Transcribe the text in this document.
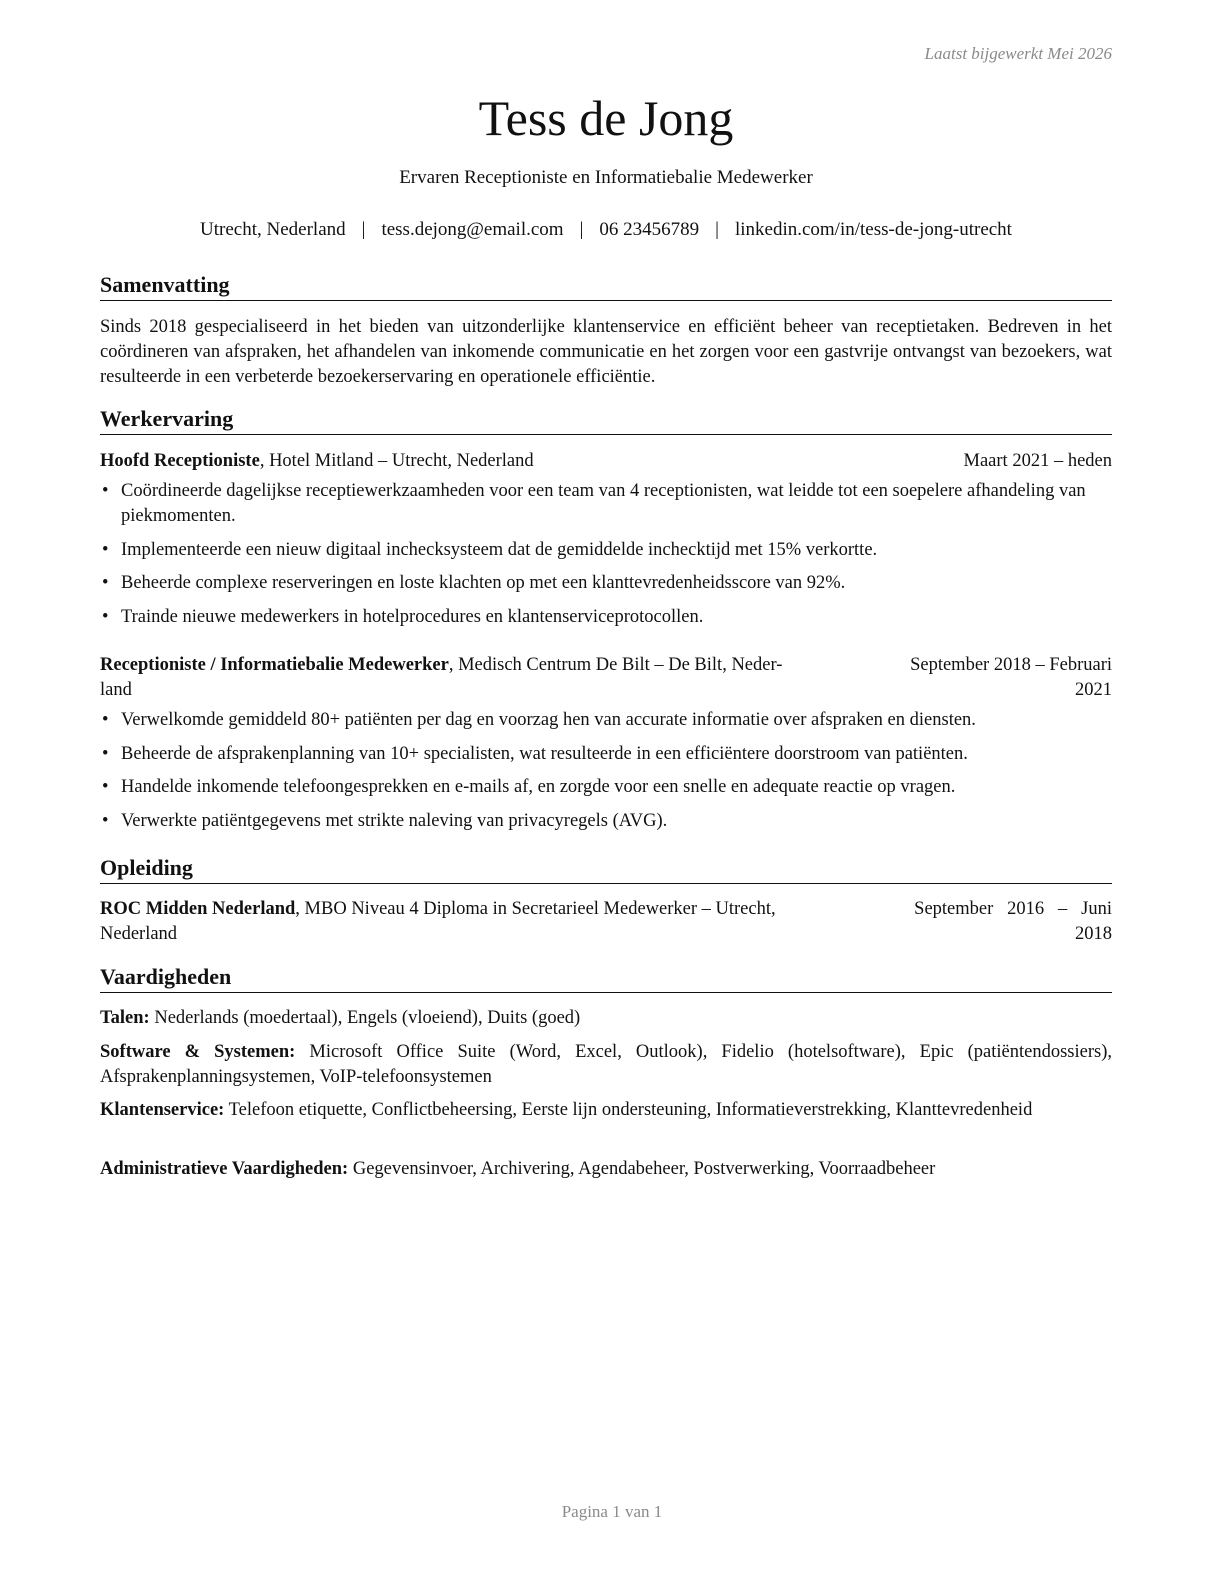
Laatst bijgewerkt Mei 2026
Tess de Jong
Ervaren Receptioniste en Informatiebalie Medewerker
Utrecht, Nederland | tess.dejong@email.com | 06 23456789 | linkedin.com/in/tess-de-jong-utrecht
Samenvatting
Sinds 2018 gespecialiseerd in het bieden van uitzonderlijke klantenservice en efficiënt beheer van receptietaken. Bedreven in het coördineren van afspraken, het afhandelen van inkomende communicatie en het zorgen voor een gastvrije ontvangst van bezoekers, wat resulteerde in een verbeterde bezoekerservaring en operationele efficiëntie.
Werkervaring
Hoofd Receptioniste, Hotel Mitland – Utrecht, Nederland	Maart 2021 – heden
• Coördineerde dagelijkse receptiewerkzaamheden voor een team van 4 receptionisten, wat leidde tot een soepelere afhandeling van piekmomenten.
• Implementeerde een nieuw digitaal inchecksysteem dat de gemiddelde inchecktijd met 15% verkortte.
• Beheerde complexe reserveringen en loste klachten op met een klanttevredenheidsscore van 92%.
• Trainde nieuwe medewerkers in hotelprocedures en klantenserviceprotocollen.
Receptioniste / Informatiebalie Medewerker, Medisch Centrum De Bilt – De Bilt, Neder-	September 2018 – Februari
land	2021
• Verwelkomde gemiddeld 80+ patiënten per dag en voorzag hen van accurate informatie over afspraken en diensten.
• Beheerde de afsprakenplanning van 10+ specialisten, wat resulteerde in een efficiëntere doorstroom van patiënten.
• Handelde inkomende telefoongesprekken en e-mails af, en zorgde voor een snelle en adequate reactie op vragen.
• Verwerkte patiëntgegevens met strikte naleving van privacyregels (AVG).
Opleiding
ROC Midden Nederland, MBO Niveau 4 Diploma in Secretarieel Medewerker – Utrecht,	September   2016   –   Juni
Nederland	2018
Vaardigheden
Talen: Nederlands (moedertaal), Engels (vloeiend), Duits (goed)
Software & Systemen: Microsoft Office Suite (Word, Excel, Outlook), Fidelio (hotelsoftware), Epic (patiëntendossiers), Afsprakenplanningsystemen, VoIP-telefoonsystemen
Klantenservice: Telefoon etiquette, Conflictbeheersing, Eerste lijn ondersteuning, Informatieverstrekking, Klanttevredenheid
Administratieve Vaardigheden: Gegevensinvoer, Archivering, Agendabeheer, Postverwerking, Voorraadbeheer
Pagina 1 van 1
